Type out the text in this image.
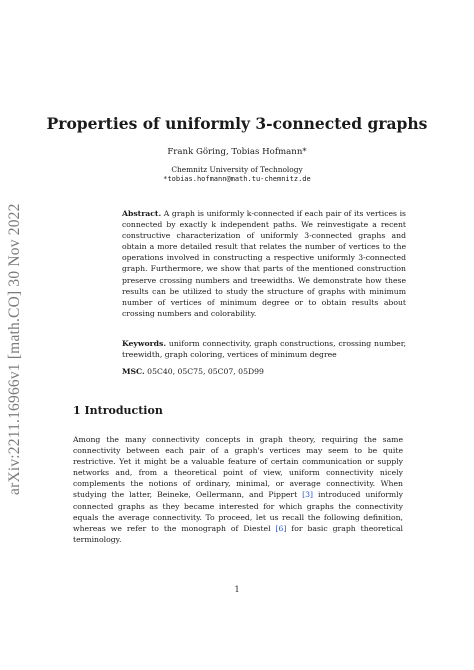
arXiv:2211.16966v1 [math.CO] 30 Nov 2022
Properties of uniformly 3-connected graphs
Frank Göring, Tobias Hofmann*
Chemnitz University of Technology
*tobias.hofmann@math.tu-chemnitz.de
Abstract. A graph is uniformly k-connected if each pair of its vertices is connected by exactly k independent paths. We reinvestigate a recent constructive characterization of uniformly 3-connected graphs and obtain a more detailed result that relates the number of vertices to the operations involved in constructing a respective uniformly 3-connected graph. Furthermore, we show that parts of the mentioned construction preserve crossing numbers and treewidths. We demonstrate how these results can be utilized to study the structure of graphs with minimum number of vertices of minimum degree or to obtain results about crossing numbers and colorability.
Keywords. uniform connectivity, graph constructions, crossing number, treewidth, graph coloring, vertices of minimum degree
MSC. 05C40, 05C75, 05C07, 05D99
1 Introduction
Among the many connectivity concepts in graph theory, requiring the same connectivity between each pair of a graph's vertices may seem to be quite restrictive. Yet it might be a valuable feature of certain communication or supply networks and, from a theoretical point of view, uniform connectivity nicely complements the notions of ordinary, minimal, or average connectivity. When studying the latter, Beineke, Oellermann, and Pippert [3] introduced uniformly connected graphs as they became interested for which graphs the connectivity equals the average connectivity. To proceed, let us recall the following definition, whereas we refer to the monograph of Diestel [6] for basic graph theoretical terminology.
1
